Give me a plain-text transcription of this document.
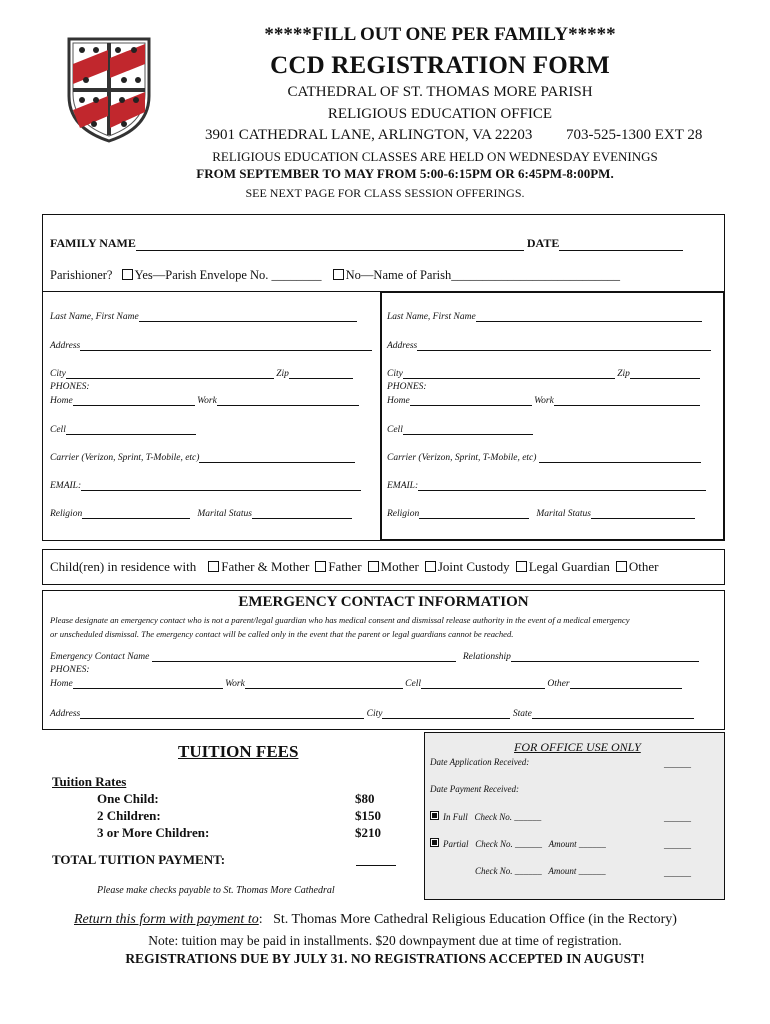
*****FILL OUT ONE PER FAMILY*****
CCD REGISTRATION FORM
CATHEDRAL OF ST. THOMAS MORE PARISH
RELIGIOUS EDUCATION OFFICE
3901 CATHEDRAL LANE, ARLINGTON, VA 22203 703-525-1300 EXT 28
RELIGIOUS EDUCATION CLASSES ARE HELD ON WEDNESDAY EVENINGS
FROM SEPTEMBER TO MAY FROM 5:00-6:15PM OR 6:45PM-8:00PM.
SEE NEXT PAGE FOR CLASS SESSION OFFERINGS.
FAMILY NAME	DATE
Parishioner? Yes—Parish Envelope No. ________ No—Name of Parish___________________________
Last Name, First Name
Address
City	Zip
PHONES:
Home	Work
Cell
Carrier (Verizon, Sprint, T-Mobile, etc)
EMAIL:
Religion	Marital Status
Last Name, First Name
Address
City	Zip
PHONES:
Home	Work
Cell
Carrier (Verizon, Sprint, T-Mobile, etc)
EMAIL:
Religion	Marital Status
Child(ren) in residence with Father & Mother Father Mother Joint Custody Legal Guardian Other
EMERGENCY CONTACT INFORMATION
Please designate an emergency contact who is not a parent/legal guardian who has medical consent and dismissal release authority in the event of a medical emergency
or unscheduled dismissal. The emergency contact will be called only in the event that the parent or legal guardians cannot be reached.
Emergency Contact Name	Relationship
PHONES:
Home	Work	Cell	Other
Address	City	State
TUITION FEES
Tuition Rates
One Child:	$80
2 Children:	$150
3 or More Children:	$210
TOTAL TUITION PAYMENT:
Please make checks payable to St. Thomas More Cathedral
FOR OFFICE USE ONLY
Date Application Received:	______
Date Payment Received:
In Full Check No. ______	______
Partial Check No. ______ Amount ______	______
Check No. ______ Amount ______	______
Return this form with payment to: St. Thomas More Cathedral Religious Education Office (in the Rectory)
Note: tuition may be paid in installments. $20 downpayment due at time of registration.
REGISTRATIONS DUE BY JULY 31. NO REGISTRATIONS ACCEPTED IN AUGUST!
